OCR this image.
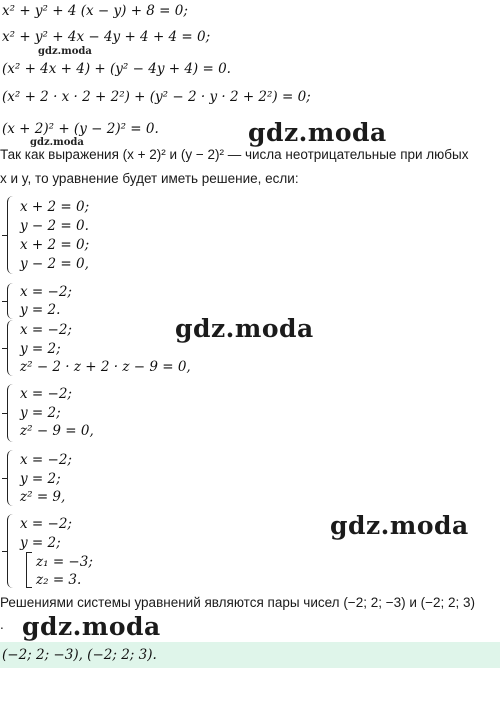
x² + y² + 4 (x − y) + 8 = 0;
x² + y² + 4x − 4y + 4 + 4 = 0;
gdz.moda
(x² + 4x + 4) + (y² − 4y + 4) = 0.
(x² + 2 · x · 2 + 2²) + (y² − 2 · y · 2 + 2²) = 0;
(x + 2)² + (y − 2)² = 0.
gdz.moda	gdz.moda
Так как выражения (x + 2)² и (y − 2)² — числа неотрицательные при любых
x и y, то уравнение будет иметь решение, если:
x + 2 = 0;
y − 2 = 0.
x + 2 = 0;
y − 2 = 0,
x = −2;
y = 2.
x = −2;
y = 2;
z² − 2 · z + 2 · z − 9 = 0,
gdz.moda
x = −2;
y = 2;
z² − 9 = 0,
x = −2;
y = 2;
z² = 9,
x = −2;
y = 2;
z₁ = −3;
z₂ = 3.
gdz.moda
Решениями системы уравнений являются пары чисел (−2; 2; −3) и (−2; 2; 3)
. gdz.moda
(−2; 2; −3), (−2; 2; 3).
